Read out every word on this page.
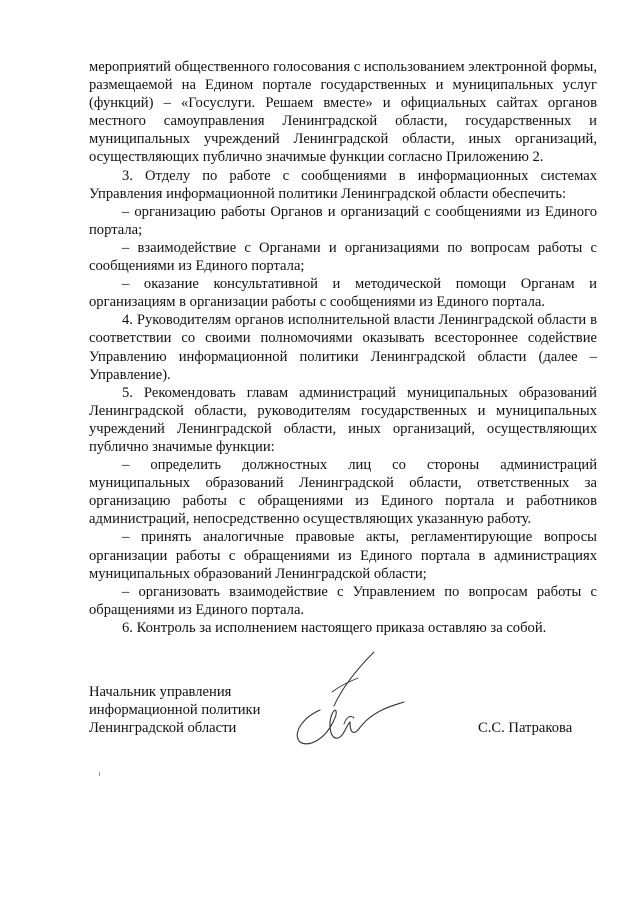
мероприятий общественного голосования с использованием электронной формы, размещаемой на Едином портале государственных и муниципальных услуг (функций) – «Госуслуги. Решаем вместе» и официальных сайтах органов местного самоуправления Ленинградской области, государственных и муниципальных учреждений Ленинградской области, иных организаций, осуществляющих публично значимые функции согласно Приложению 2.

3. Отделу по работе с сообщениями в информационных системах Управления информационной политики Ленинградской области обеспечить:

– организацию работы Органов и организаций с сообщениями из Единого портала;

– взаимодействие с Органами и организациями по вопросам работы с сообщениями из Единого портала;

– оказание консультативной и методической помощи Органам и организациям в организации работы с сообщениями из Единого портала.

4. Руководителям органов исполнительной власти Ленинградской области в соответствии со своими полномочиями оказывать всестороннее содействие Управлению информационной политики Ленинградской области (далее – Управление).

5. Рекомендовать главам администраций муниципальных образований Ленинградской области, руководителям государственных и муниципальных учреждений Ленинградской области, иных организаций, осуществляющих публично значимые функции:

– определить должностных лиц со стороны администраций муниципальных образований Ленинградской области, ответственных за организацию работы с обращениями из Единого портала и работников администраций, непосредственно осуществляющих указанную работу.

– принять аналогичные правовые акты, регламентирующие вопросы организации работы с обращениями из Единого портала в администрациях муниципальных образований Ленинградской области;

– организовать взаимодействие с Управлением по вопросам работы с обращениями из Единого портала.

6. Контроль за исполнением настоящего приказа оставляю за собой.

Начальник управления
информационной политики
Ленинградской области	С.С. Патракова
